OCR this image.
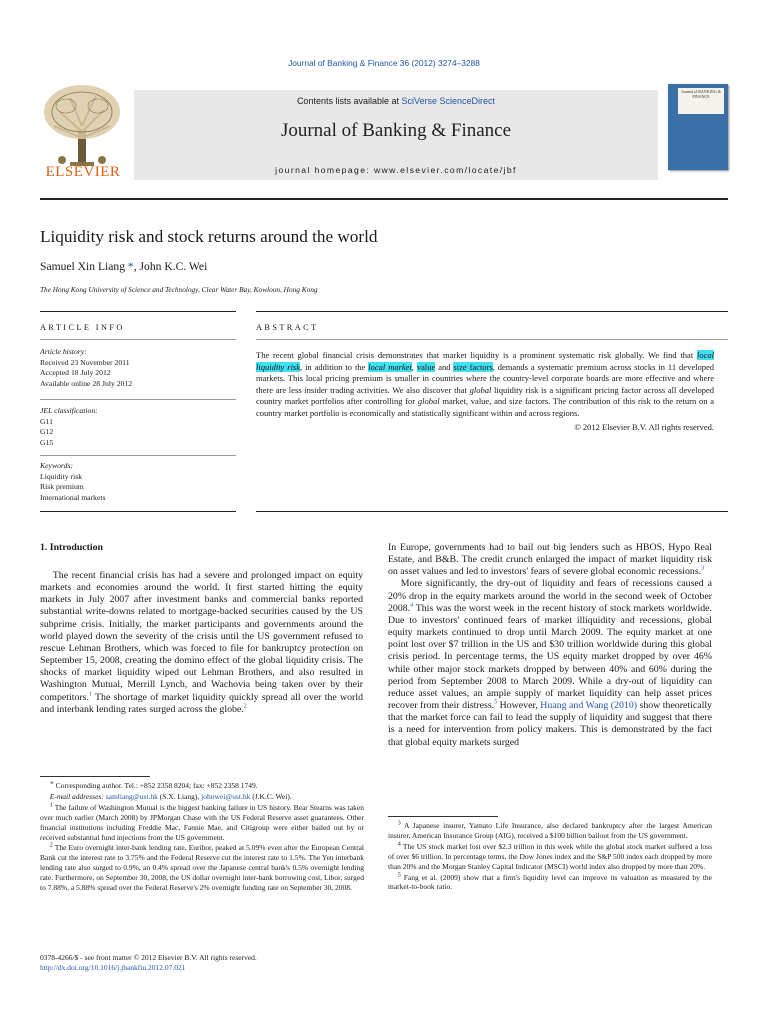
Journal of Banking & Finance 36 (2012) 3274–3288
ELSEVIER
Contents lists available at SciVerse ScienceDirect
Journal of Banking & Finance
journal homepage: www.elsevier.com/locate/jbf
Journal of BANKING & FINANCE
Liquidity risk and stock returns around the world
Samuel Xin Liang *, John K.C. Wei
The Hong Kong University of Science and Technology, Clear Water Bay, Kowloon, Hong Kong
ARTICLE INFO	ABSTRACT
Article history:
Received 23 November 2011
Accepted 18 July 2012
Available online 28 July 2012
JEL classification:
G11
G12
G15
Keywords:
Liquidity risk
Risk premium
International markets
The recent global financial crisis demonstrates that market liquidity is a prominent systematic risk globally. We find that local liquidity risk, in addition to the local market, value and size factors, demands a systematic premium across stocks in 11 developed markets. This local pricing premium is smaller in countries where the country-level corporate boards are more effective and where there are less insider trading activities. We also discover that global liquidity risk is a significant pricing factor across all developed country market portfolios after controlling for global market, value, and size factors. The contribution of this risk to the return on a country market portfolio is economically and statistically significant within and across regions.
© 2012 Elsevier B.V. All rights reserved.
1. Introduction

The recent financial crisis has had a severe and prolonged impact on equity markets and economies around the world. It first started hitting the equity markets in July 2007 after investment banks and commercial banks reported substantial write-downs related to mortgage-backed securities caused by the US subprime crisis. Initially, the market participants and governments around the world played down the severity of the crisis until the US government refused to rescue Lehman Brothers, which was forced to file for bankruptcy protection on September 15, 2008, creating the domino effect of the global liquidity crisis. The shocks of market liquidity wiped out Lehman Brothers, and also resulted in Washington Mutual, Merrill Lynch, and Wachovia being taken over by their competitors.$^1$ The shortage of market liquidity quickly spread all over the world and interbank lending rates surged across the globe.$^2$

In Europe, governments had to bail out big lenders such as HBOS, Hypo Real Estate, and B&B. The credit crunch enlarged the impact of market liquidity risk on asset values and led to investors' fears of severe global economic recessions.$^3$

More significantly, the dry-out of liquidity and fears of recessions caused a 20% drop in the equity markets around the world in the second week of October 2008.$^4$ This was the worst week in the recent history of stock markets worldwide. Due to investors' continued fears of market illiquidity and recessions, global equity markets continued to drop until March 2009. The equity market at one point lost over $7 trillion in the US and $30 trillion worldwide during this global crisis period. In percentage terms, the US equity market dropped by over 46% while other major stock markets dropped by between 40% and 60% during the period from September 2008 to March 2009. While a dry-out of liquidity can reduce asset values, an ample supply of market liquidity can help asset prices recover from their distress.$^5$ However, Huang and Wang (2010) show theoretically that the market force can fail to lead the supply of liquidity and suggest that there is a need for intervention from policy makers. This is demonstrated by the fact that global equity markets surged

∗ Corresponding author. Tel.: +852 2358 8204; fax: +852 2358 1749.

E-mail addresses: samliang@ust.hk (S.X. Liang), johnwei@ust.hk (J.K.C. Wei).

$^1$ The failure of Washington Mutual is the biggest banking failure in US history. Bear Stearns was taken over much earlier (March 2008) by JPMorgan Chase with the US Federal Reserve asset guarantees. Other financial institutions including Freddie Mac, Fannie Mae, and Citigroup were either bailed out by or received substantial fund injections from the US government.

$^2$ The Euro overnight inter-bank lending rate, Euribor, peaked at 5.09% even after the European Central Bank cut the interest rate to 3.75% and the Federal Reserve cut the interest rate to 1.5%. The Yen interbank lending rate also surged to 0.9%, an 0.4% spread over the Japanese central bank's 0.5% overnight lending rate. Furthermore, on September 30, 2008, the US dollar overnight inter-bank borrowing cost, Libor, surged to 7.88%, a 5.88% spread over the Federal Reserve's 2% overnight funding rate on September 30, 2008.

$^3$ A Japanese insurer, Yamato Life Insurance, also declared bankruptcy after the largest American insurer, American Insurance Group (AIG), received a $100 billion bailout from the US government.

$^4$ The US stock market lost over $2.3 trillion in this week while the global stock market suffered a loss of over $6 trillion. In percentage terms, the Dow Jones index and the S&P 500 index each dropped by more than 20% and the Morgan Stanley Capital Indicator (MSCI) world index also dropped by more than 20%.

$^5$ Fang et al. (2009) show that a firm's liquidity level can improve its valuation as measured by the market-to-book ratio.

0378-4266/$ - see front matter © 2012 Elsevier B.V. All rights reserved.
http://dx.doi.org/10.1016/j.jbankfin.2012.07.021
